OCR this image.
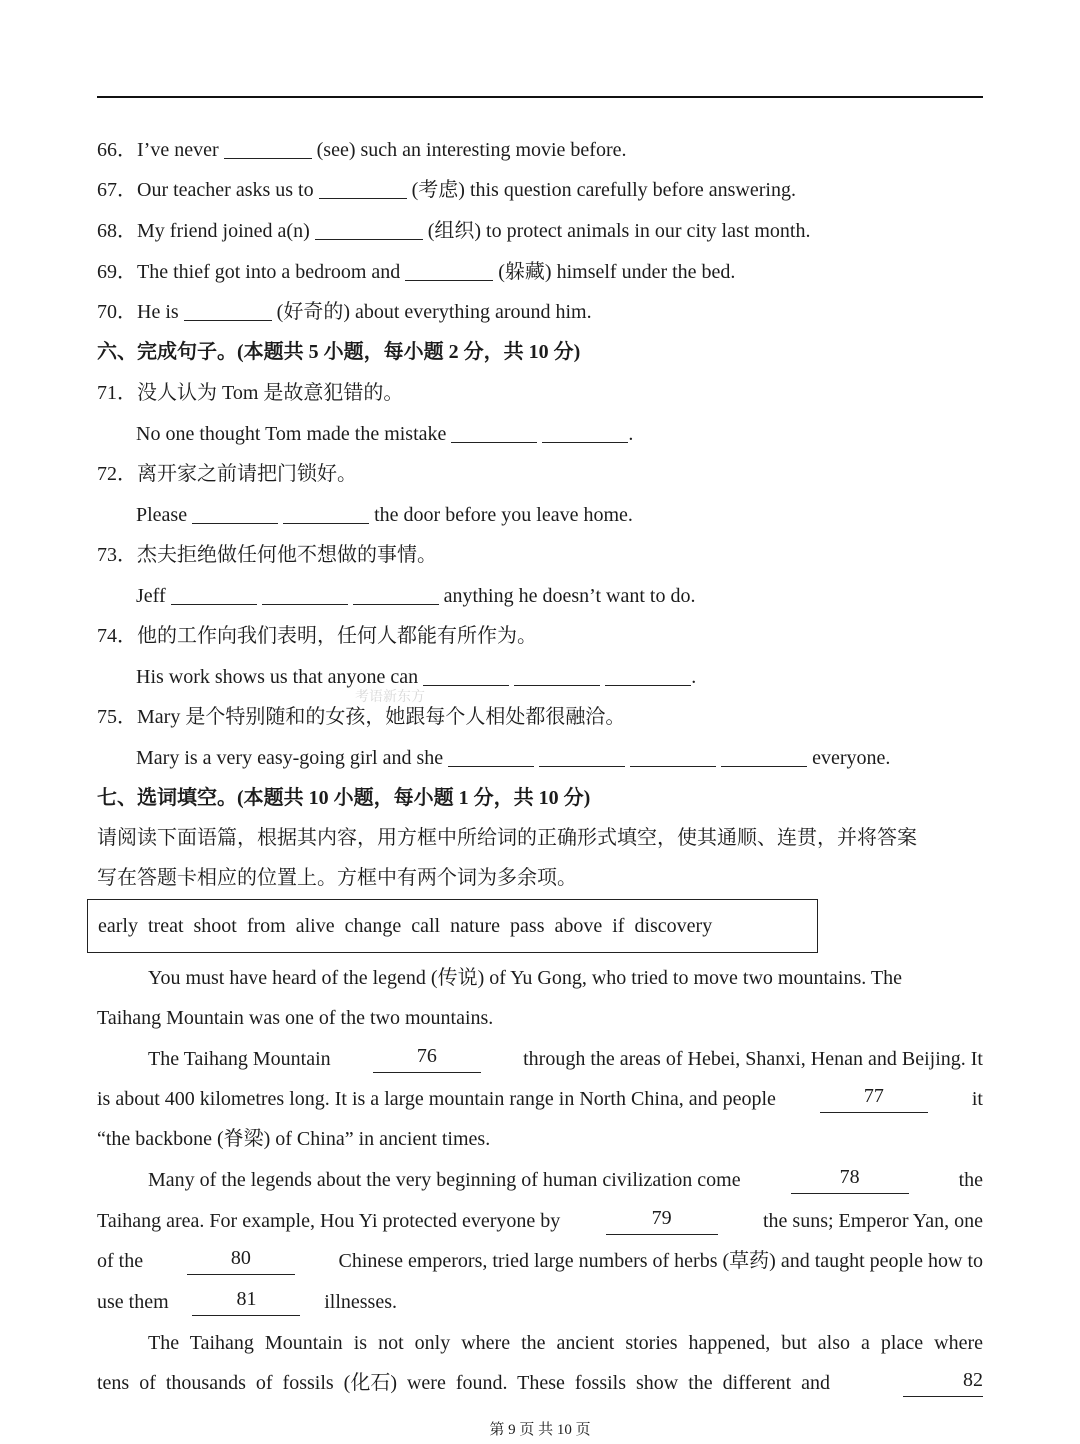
66．I’ve never	(see) such an interesting movie before.
67．Our teacher asks us to	(考虑) this question carefully before answering.
68．My friend joined a(n)	(组织) to protect animals in our city last month.
69．The thief got into a bedroom and	(躲藏) himself under the bed.
70．He is	(好奇的) about everything around him.
六、完成句子。(本题共 5 小题，每小题 2 分，共 10 分)
71．没人认为 Tom 是故意犯错的。
No one thought Tom made the mistake	.
72．离开家之前请把门锁好。
Please	the door before you leave home.
73．杰夫拒绝做任何他不想做的事情。
Jeff	anything he doesn’t want to do.
74．他的工作向我们表明，任何人都能有所作为。
His work shows us that anyone can	.
考语新东方
75．Mary 是个特别随和的女孩，她跟每个人相处都很融洽。
Mary is a very easy-going girl and she	everyone.
七、选词填空。(本题共 10 小题，每小题 1 分，共 10 分)
请阅读下面语篇，根据其内容，用方框中所给词的正确形式填空，使其通顺、连贯，并将答案
写在答题卡相应的位置上。方框中有两个词为多余项。
early treat shoot from alive change call nature pass above if discovery
You must have heard of the legend (传说) of Yu Gong, who tried to move two mountains. The
Taihang Mountain was one of the two mountains.
The Taihang Mountain	76	through the areas of Hebei, Shanxi, Henan and Beijing. It
is about 400 kilometres long. It is a large mountain range in North China, and people	77	it
“the backbone (脊梁) of China” in ancient times.
Many of the legends about the very beginning of human civilization come	78	the
Taihang area. For example, Hou Yi protected everyone by	79	the suns; Emperor Yan, one
of the	80	Chinese emperors, tried large numbers of herbs (草药) and taught people how to
use them	81	illnesses.
The Taihang Mountain is not only where the ancient stories happened, but also a place where
tens of thousands of fossils (化石) were found. These fossils show the different and	82
第 9 页 共 10 页
